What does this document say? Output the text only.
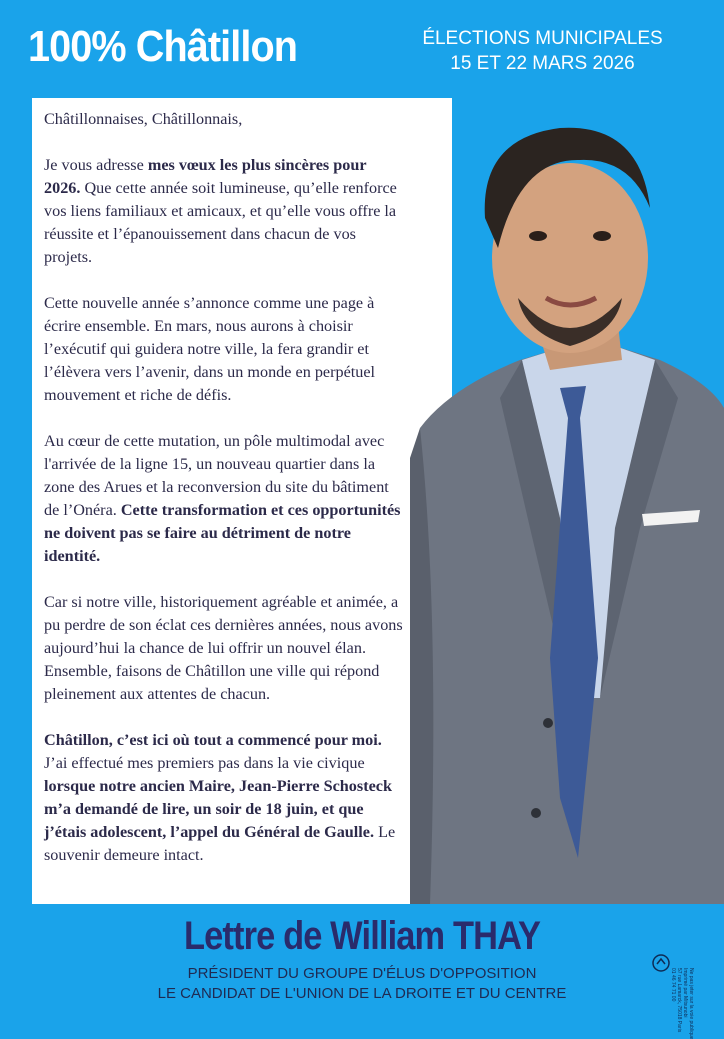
100% Châtillon	ÉLECTIONS MUNICIPALES
15 ET 22 MARS 2026

Châtillonnaises, Châtillonnais,

Je vous adresse mes vœux les plus sincères pour 2026. Que cette année soit lumineuse, qu’elle renforce vos liens familiaux et amicaux, et qu’elle vous offre la réussite et l’épanouissement dans chacun de vos projets.

Cette nouvelle année s’annonce comme une page à écrire ensemble. En mars, nous aurons à choisir l’exécutif qui guidera notre ville, la fera grandir et l’élèvera vers l’avenir, dans un monde en perpétuel mouvement et riche de défis.

Au cœur de cette mutation, un pôle multimodal avec l'arrivée de la ligne 15, un nouveau quartier dans la zone des Arues et la reconversion du site du bâtiment de l’Onéra. Cette transformation et ces opportunités ne doivent pas se faire au détriment de notre identité.

Car si notre ville, historiquement agréable et animée, a pu perdre de son éclat ces dernières années, nous avons aujourd’hui la chance de lui offrir un nouvel élan. Ensemble, faisons de Châtillon une ville qui répond pleinement aux attentes de chacun.

Châtillon, c’est ici où tout a commencé pour moi. J’ai effectué mes premiers pas dans la vie civique lorsque notre ancien Maire, Jean-Pierre Schosteck m’a demandé de lire, un soir de 18 juin, et que j’étais adolescent, l’appel du Général de Gaulle. Le souvenir demeure intact.

Lettre de William THAY
PRÉSIDENT DU GROUPE D'ÉLUS D'OPPOSITION
LE CANDIDAT DE L'UNION DE LA DROITE ET DU CENTRE	Ne pas jeter sur la voie publique
Imprimé par Mitsunobi
57 rue Lamarck, 75018 Paris
01 46 74 71 00
